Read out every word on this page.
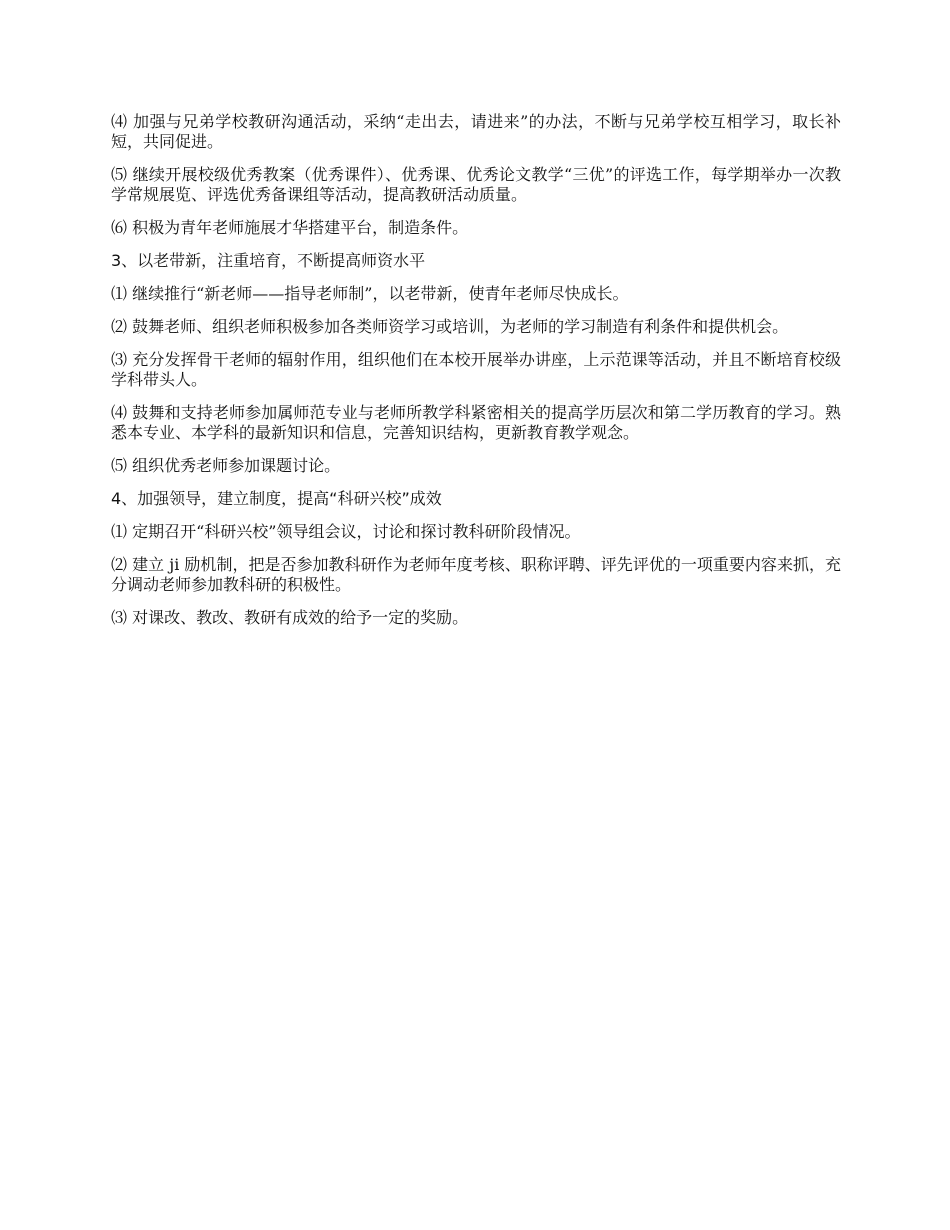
⑷ 加强与兄弟学校教研沟通活动，采纳“走出去，请进来”的办法，不断与兄弟学校互相学习，取长补短，共同促进。

⑸ 继续开展校级优秀教案（优秀课件）、优秀课、优秀论文教学“三优”的评选工作，每学期举办一次教学常规展览、评选优秀备课组等活动，提高教研活动质量。

⑹ 积极为青年老师施展才华搭建平台，制造条件。

3、以老带新，注重培育，不断提高师资水平

⑴ 继续推行“新老师——指导老师制”，以老带新，使青年老师尽快成长。

⑵ 鼓舞老师、组织老师积极参加各类师资学习或培训，为老师的学习制造有利条件和提供机会。

⑶ 充分发挥骨干老师的辐射作用，组织他们在本校开展举办讲座，上示范课等活动，并且不断培育校级学科带头人。

⑷ 鼓舞和支持老师参加属师范专业与老师所教学科紧密相关的提高学历层次和第二学历教育的学习。熟悉本专业、本学科的最新知识和信息，完善知识结构，更新教育教学观念。

⑸ 组织优秀老师参加课题讨论。

4、加强领导，建立制度，提高“科研兴校”成效

⑴ 定期召开“科研兴校”领导组会议，讨论和探讨教科研阶段情况。

⑵ 建立 ji 励机制，把是否参加教科研作为老师年度考核、职称评聘、评先评优的一项重要内容来抓，充分调动老师参加教科研的积极性。

⑶ 对课改、教改、教研有成效的给予一定的奖励。
